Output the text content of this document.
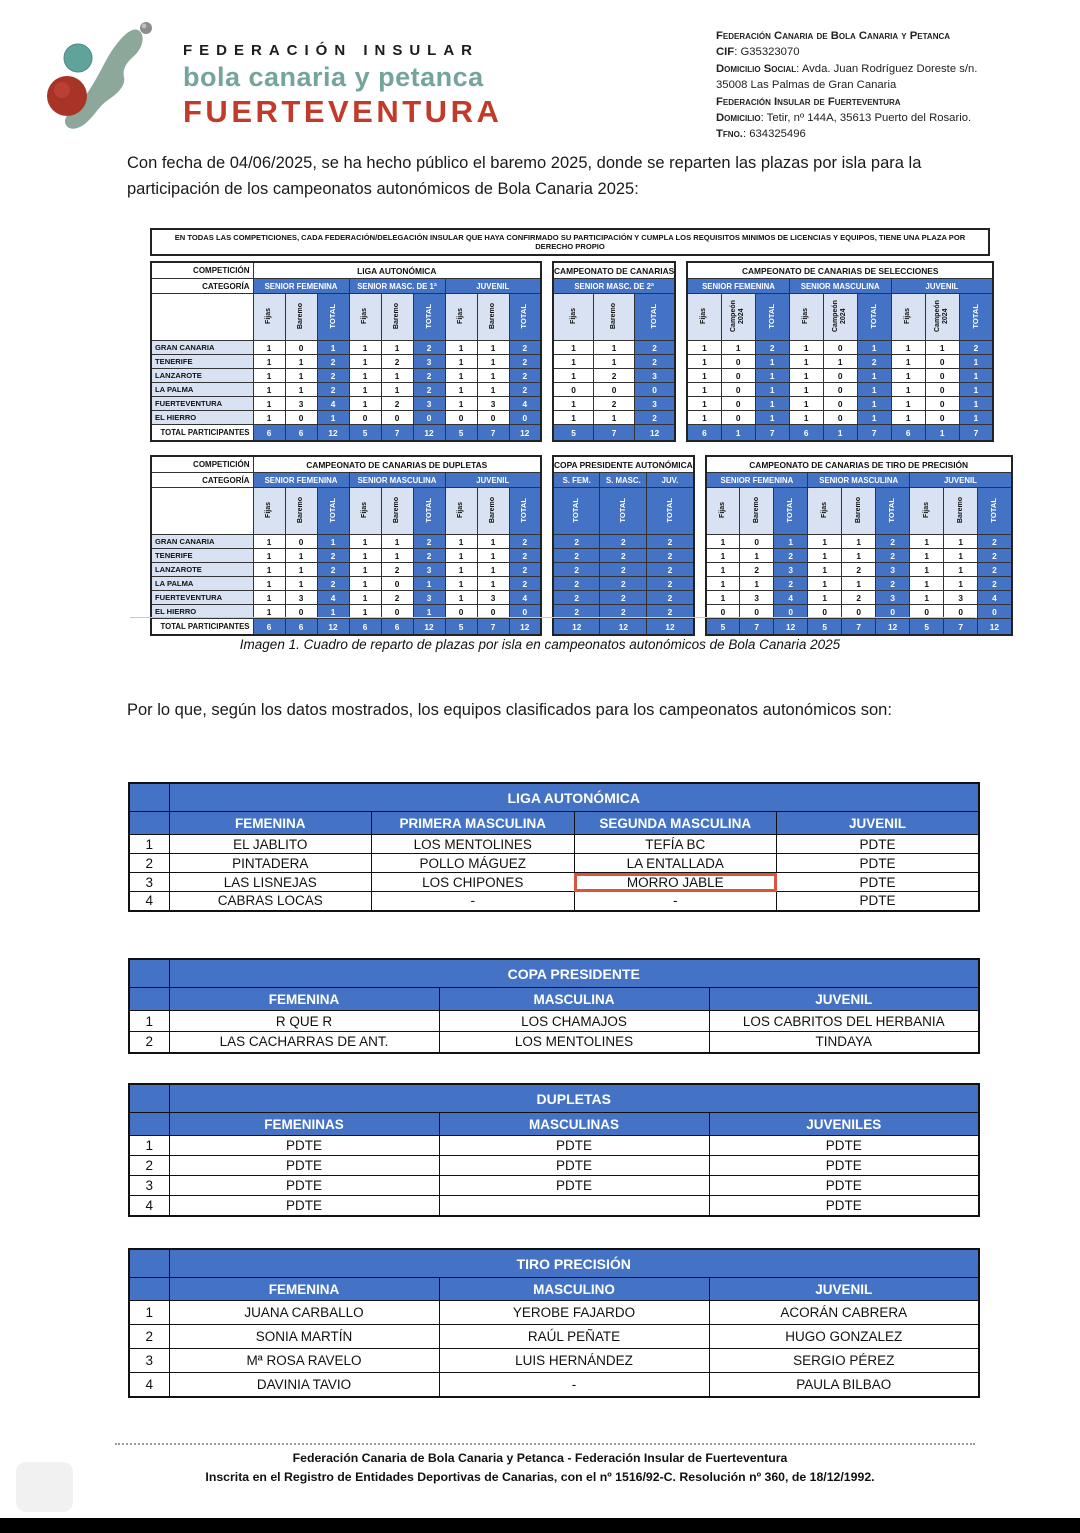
FEDERACIÓN INSULAR
bola canaria y petanca
FUERTEVENTURA
Federación Canaria de Bola Canaria y Petanca
CIF: G35323070
Domicilio Social: Avda. Juan Rodríguez Doreste s/n.
35008 Las Palmas de Gran Canaria
Federación Insular de Fuerteventura
Domicilio: Tetir, nº 144A, 35613 Puerto del Rosario.
Tfno.: 634325496

Con fecha de 04/06/2025, se ha hecho público el baremo 2025, donde se reparten las plazas por isla para la participación de los campeonatos autonómicos de Bola Canaria 2025:

EN TODAS LAS COMPETICIONES, CADA FEDERACIÓN/DELEGACIÓN INSULAR QUE HAYA CONFIRMADO SU PARTICIPACIÓN Y CUMPLA LOS REQUISITOS MINIMOS DE LICENCIAS Y EQUIPOS, TIENE UNA PLAZA POR DERECHO PROPIO
COMPETICIÓN	LIGA AUTONÓMICA								
CATEGORÍA	SENIOR FEMENINA			SENIOR MASC. DE 1ª			JUVENIL		
	Fijas	Baremo	TOTAL	Fijas	Baremo	TOTAL	Fijas	Baremo	TOTAL
GRAN CANARIA	1	0	1	1	1	2	1	1	2
TENERIFE	1	1	2	1	2	3	1	1	2
LANZAROTE	1	1	2	1	1	2	1	1	2
LA PALMA	1	1	2	1	1	2	1	1	2
FUERTEVENTURA	1	3	4	1	2	3	1	3	4
EL HIERRO	1	0	1	0	0	0	0	0	0
TOTAL PARTICIPANTES	6	6	12	5	7	12	5	7	12
CAMPEONATO DE CANARIAS		
SENIOR MASC. DE 2ª		
Fijas	Baremo	TOTAL
1	1	2
1	1	2
1	2	3
0	0	0
1	2	3
1	1	2
5	7	12
CAMPEONATO DE CANARIAS DE SELECCIONES								
SENIOR FEMENINA			SENIOR MASCULINA			JUVENIL		
Fijas	Campeón 2024	TOTAL	Fijas	Campeón 2024	TOTAL	Fijas	Campeón 2024	TOTAL
1	1	2	1	0	1	1	1	2
1	0	1	1	1	2	1	0	1
1	0	1	1	0	1	1	0	1
1	0	1	1	0	1	1	0	1
1	0	1	1	0	1	1	0	1
1	0	1	1	0	1	1	0	1
6	1	7	6	1	7	6	1	7
COMPETICIÓN	CAMPEONATO DE CANARIAS DE DUPLETAS								
CATEGORÍA	SENIOR FEMENINA			SENIOR MASCULINA			JUVENIL		
	Fijas	Baremo	TOTAL	Fijas	Baremo	TOTAL	Fijas	Baremo	TOTAL
GRAN CANARIA	1	0	1	1	1	2	1	1	2
TENERIFE	1	1	2	1	1	2	1	1	2
LANZAROTE	1	1	2	1	2	3	1	1	2
LA PALMA	1	1	2	1	0	1	1	1	2
FUERTEVENTURA	1	3	4	1	2	3	1	3	4
EL HIERRO	1	0	1	1	0	1	0	0	0
TOTAL PARTICIPANTES	6	6	12	6	6	12	5	7	12
COPA PRESIDENTE AUTONÓMICA		
S. FEM.	S. MASC.	JUV.
TOTAL	TOTAL	TOTAL
2	2	2
2	2	2
2	2	2
2	2	2
2	2	2
2	2	2
12	12	12
CAMPEONATO DE CANARIAS DE TIRO DE PRECISIÓN								
SENIOR FEMENINA			SENIOR MASCULINA			JUVENIL		
Fijas	Baremo	TOTAL	Fijas	Baremo	TOTAL	Fijas	Baremo	TOTAL
1	0	1	1	1	2	1	1	2
1	1	2	1	1	2	1	1	2
1	2	3	1	2	3	1	1	2
1	1	2	1	1	2	1	1	2
1	3	4	1	2	3	1	3	4
0	0	0	0	0	0	0	0	0
5	7	12	5	7	12	5	7	12
Imagen 1. Cuadro de reparto de plazas por isla en campeonatos autonómicos de Bola Canaria 2025

Por lo que, según los datos mostrados, los equipos clasificados para los campeonatos autonómicos son:

	LIGA AUTONÓMICA			
	FEMENINA	PRIMERA MASCULINA	SEGUNDA MASCULINA	JUVENIL
1	EL JABLITO	LOS MENTOLINES	TEFÍA BC	PDTE
2	PINTADERA	POLLO MÁGUEZ	LA ENTALLADA	PDTE
3	LAS LISNEJAS	LOS CHIPONES	MORRO JABLE	PDTE
4	CABRAS LOCAS	-	-	PDTE
	COPA PRESIDENTE		
	FEMENINA	MASCULINA	JUVENIL
1	R QUE R	LOS CHAMAJOS	LOS CABRITOS DEL HERBANIA
2	LAS CACHARRAS DE ANT.	LOS MENTOLINES	TINDAYA
	DUPLETAS		
	FEMENINAS	MASCULINAS	JUVENILES
1	PDTE	PDTE	PDTE
2	PDTE	PDTE	PDTE
3	PDTE	PDTE	PDTE
4	PDTE		PDTE
	TIRO PRECISIÓN		
	FEMENINA	MASCULINO	JUVENIL
1	JUANA CARBALLO	YEROBE FAJARDO	ACORÁN CABRERA
2	SONIA MARTÍN	RAÚL PEÑATE	HUGO GONZALEZ
3	Mª ROSA RAVELO	LUIS HERNÁNDEZ	SERGIO PÉREZ
4	DAVINIA TAVIO	-	PAULA BILBAO
Federación Canaria de Bola Canaria y Petanca - Federación Insular de Fuerteventura
Inscrita en el Registro de Entidades Deportivas de Canarias, con el nº 1516/92-C. Resolución nº 360, de 18/12/1992.
